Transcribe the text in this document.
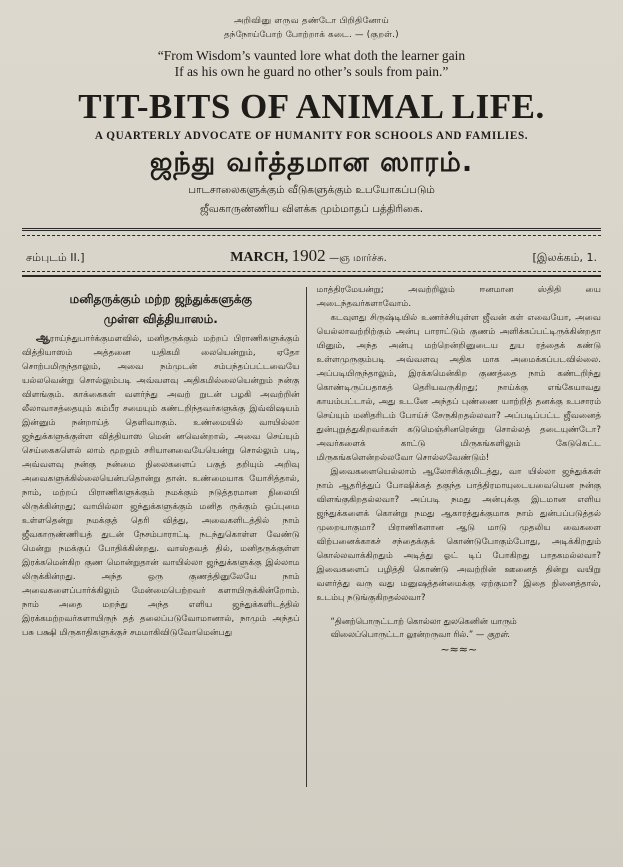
அறிவினு ளருவ தண்டோ பிறிதினோய்
தந்நோய்போற் போற்றாக் கடை. — (குறள்.)
“From Wisdom’s vaunted lore what doth the learner gain
If as his own he guard no other’s souls from pain.”
TIT-BITS OF ANIMAL LIFE.
A QUARTERLY ADVOCATE OF HUMANITY FOR SCHOOLS AND FAMILIES.
ஜந்து வர்த்தமான ஸாரம்.
பாடசாலைகளுக்கும் வீடுகளுக்கும் உபயோகப்படும்
ஜீவகாருண்ணிய விளக்க மும்மாதப் பத்திரிகை.
சம்புடம் II.]	MARCH, 1902 —ஞ மார்ச்சு.	[இலக்கம், 1.
மனிதருக்கும் மற்ற ஜந்துக்களுக்கு
முள்ள வித்தியாஸம்.

ஆராய்ந்துபார்க்குமளவில், மனிதருக்கும் மற்றப் பிராணிகளுக்கும் வித்தியாஸம் அத்தனை யதிகமி லையென்றும், ஏதோ சொற்பமிருந்தாலும், அவை நம்முடன் சம்பந்தப்பட்டவையே யல்லவென்று சொல்லும்படி அவ்வளவு அதிகமில்லையென்றும் நன்கு விளங்கும். காக்கைகள் வளர்ந்து அவற் றுடன் பழகி அவற்றின் லீலாவாசத்தையும் கம்பீர சமையும் கண்டறிந்தவர்களுக்கு இவ்விஷயம் இன்னும் நன்றாய்த் தெளிவாகும். உண்மையில் வாயில்லா ஜந்துக்களுக்குள்ள வித்தியாஸ மென் னவென்றால், அவை செய்யும் செய்கைகளெல் லாம் மூறறும் சரியானவையேயென்று சொல்லும் படி, அவ்வளவு நன்கு நன்மை நிலைகளைப் பகுத் தறியும் அறிவு அவைகளுக்கில்லையென்பதொன்று தான். உண்மையாக யோசித்தால், நாம், மற்றப் பிராணிகளுக்கும் நமக்கும் நடுத்தரமான நிலையி லிருக்கின்றது; வாயில்லா ஜந்துக்களுக்கும் மனித ருக்கும் ஒப்புமை உள்ளதென்று நமக்குத் தெரி வித்து, அவைகளிடத்தில் நாம் ஜீவகாருண்ணியத் துடன் நேசம்பாராட்டி நடந்துகொள்ள வேண்டு மென்று நமக்குப் போதிக்கின்றது. வாஸ்தவத் தில், மனிதருக்குள்ள இரக்கமென்கிற குண மொன்றுதான் வாயில்லா ஜந்துக்களுக்கு இல்லாம லிருக்கின்றது. அந்த ஒரு குணத்தினுலேயே நாம் அவைகளைப்பார்க்கிலும் மேன்மைபெற்றவர் களாயிருக்கின்றோம். நாம் அதை மறந்து அந்த எளிய ஜந்துக்களிடத்தில் இரக்கமற்றவர்களாயிருந் தத் தலைப்படுவோமானால், நாமும் அந்தப் பசு பக்ஷி மிருகாதிகளுக்குச் சமமாகிவிடுவோமென்பது

மாத்திரமேயன்று; அவற்றிலும் ஈனமான ஸ்திதி யை அடைந்தவர்களாவோம்.

கடவுளது சிருஷ்டியில் உணர்ச்சியுள்ள ஜீவன் கள் எவையோ, அவை யெல்லாவற்றிற்கும் அன்பு பாராட்டும் குணம் அளிக்கப்பட்டிருக்கின்றதா யினும், அந்த அன்பு மற்றென்றினுடைய துய ரத்தைக் கண்டு உள்ளமுருகும்படி அவ்வளவு அதிக மாக அமைக்கப்படவில்லை. அப்படியிருந்தாலும், இரக்கமென்கிற குணத்தை நாம் கண்டறிந்து கொண்டிருப்பதாகத் தெரியவருகிறது; நாய்க்கு எங்கேயாவது காயம்பட்டால், அது உடனே அந்தப் புண்ணை யாற்றித் தனக்கு உபசாரம் செய்யும் மனிதரிடம் போய்ச் சேருகிறதல்லவா? அப்படிப்பட்ட ஜீவனைத் துன்புறுத்துகிறவர்கள் கடுமெஞ்சினரென்று சொல்லத் தடையுண்டோ? அவர்களைக் காட்டு மிருகங்களிலும் கேடுகெட்ட மிருகங்களென்றல்லவோ சொல்லவேண்டும்!

இவைகளையெல்லாம் ஆலோசிக்குமிடத்து, வா யில்லா ஜந்துக்கள் நாம் ஆதரித்துப் போஷிக்கத் தகுந்த பாத்திரமாயுடையவையென நன்கு விளங்குகிறதல்லவா? அப்படி நமது அன்புக்கு இடமான எளிய ஜந்துக்களைக் கொன்று நமது ஆகாரத்துக்குமாக நாம் துன்பப்படுத்தல் முறையாகுமா? பிராணிகளான ஆடு மாடு முதலிய வைகளை விற்பனைக்காகச் சந்தைக்குக் கொண்டுபோகும்போது, அடிக்கிறதும் கொல்லவாக்கிறதும் அடித்து ஓட் டிப் போகிறது பாதகமல்லவா? இவைகளைப் பழித்தி கொண்டு அவற்றின் ஊனைத் தின்று வயிறு வளர்த்து வரு வது மனுஷத்தன்மைக்கு ஏற்குமா? இதை நினைத்தால், உடம்பு நடுங்குகிறதல்லவா?

“தினற்பொருட்டாற் கொல்லா துலகெனின் யாரும்
விலைப்பொருட்டா லூன்றருவா ரில்.” — குறள்.
~≈≈~
